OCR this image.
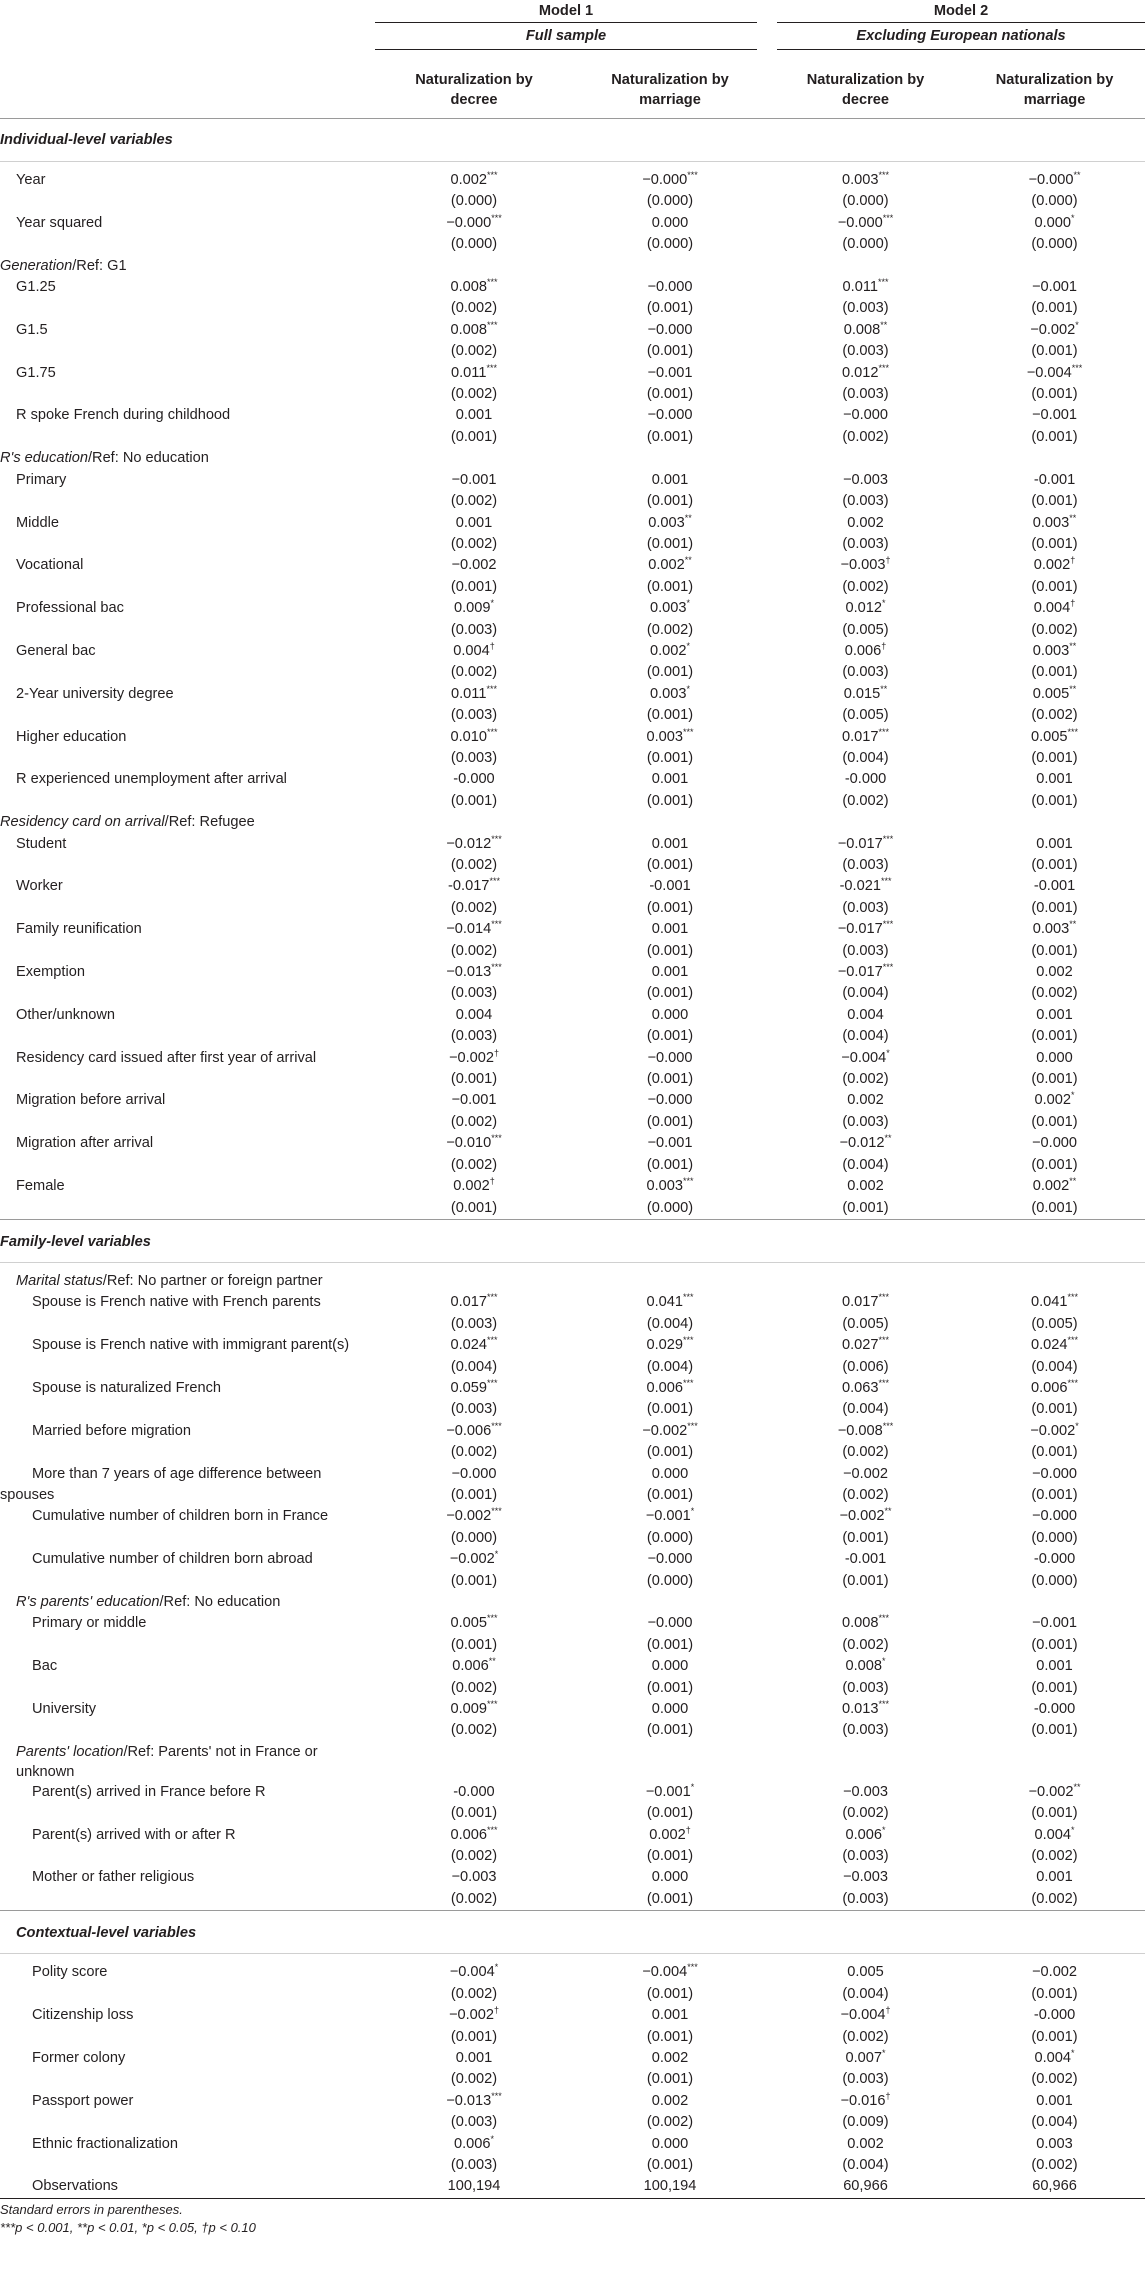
	Model 1		Model 2	
	Full sample		Excluding European nationals	

	Naturalization by	Naturalization by	Naturalization by	Naturalization by
	decree	marriage	decree	marriage

Individual-level variables				

Year	0.002***	−0.000***	0.003***	−0.000**
	(0.000)	(0.000)	(0.000)	(0.000)
Year squared	−0.000***	0.000	−0.000***	0.000*
	(0.000)	(0.000)	(0.000)	(0.000)
Generation/Ref: G1				
G1.25	0.008***	−0.000	0.011***	−0.001
	(0.002)	(0.001)	(0.003)	(0.001)
G1.5	0.008***	−0.000	0.008**	−0.002*
	(0.002)	(0.001)	(0.003)	(0.001)
G1.75	0.011***	−0.001	0.012***	−0.004***
	(0.002)	(0.001)	(0.003)	(0.001)
R spoke French during childhood	0.001	−0.000	−0.000	−0.001
	(0.001)	(0.001)	(0.002)	(0.001)
R's education/Ref: No education				
Primary	−0.001	0.001	−0.003	-0.001
	(0.002)	(0.001)	(0.003)	(0.001)
Middle	0.001	0.003**	0.002	0.003**
	(0.002)	(0.001)	(0.003)	(0.001)
Vocational	−0.002	0.002**	−0.003†	0.002†
	(0.001)	(0.001)	(0.002)	(0.001)
Professional bac	0.009*	0.003*	0.012*	0.004†
	(0.003)	(0.002)	(0.005)	(0.002)
General bac	0.004†	0.002*	0.006†	0.003**
	(0.002)	(0.001)	(0.003)	(0.001)
2-Year university degree	0.011***	0.003*	0.015**	0.005**
	(0.003)	(0.001)	(0.005)	(0.002)
Higher education	0.010***	0.003***	0.017***	0.005***
	(0.003)	(0.001)	(0.004)	(0.001)
R experienced unemployment after arrival	-0.000	0.001	-0.000	0.001
	(0.001)	(0.001)	(0.002)	(0.001)
Residency card on arrival/Ref: Refugee				
Student	−0.012***	0.001	−0.017***	0.001
	(0.002)	(0.001)	(0.003)	(0.001)
Worker	-0.017***	-0.001	-0.021***	-0.001
	(0.002)	(0.001)	(0.003)	(0.001)
Family reunification	−0.014***	0.001	−0.017***	0.003**
	(0.002)	(0.001)	(0.003)	(0.001)
Exemption	−0.013***	0.001	−0.017***	0.002
	(0.003)	(0.001)	(0.004)	(0.002)
Other/unknown	0.004	0.000	0.004	0.001
	(0.003)	(0.001)	(0.004)	(0.001)
Residency card issued after first year of arrival	−0.002†	−0.000	−0.004*	0.000
	(0.001)	(0.001)	(0.002)	(0.001)
Migration before arrival	−0.001	−0.000	0.002	0.002*
	(0.002)	(0.001)	(0.003)	(0.001)
Migration after arrival	−0.010***	−0.001	−0.012**	−0.000
	(0.002)	(0.001)	(0.004)	(0.001)
Female	0.002†	0.003***	0.002	0.002**
	(0.001)	(0.000)	(0.001)	(0.001)

Family-level variables				

Marital status/Ref: No partner or foreign partner				
Spouse is French native with French parents	0.017***	0.041***	0.017***	0.041***
	(0.003)	(0.004)	(0.005)	(0.005)
Spouse is French native with immigrant parent(s)	0.024***	0.029***	0.027***	0.024***
	(0.004)	(0.004)	(0.006)	(0.004)
Spouse is naturalized French	0.059***	0.006***	0.063***	0.006***
	(0.003)	(0.001)	(0.004)	(0.001)
Married before migration	−0.006***	−0.002***	−0.008***	−0.002*
	(0.002)	(0.001)	(0.002)	(0.001)
More than 7 years of age difference between	−0.000	0.000	−0.002	−0.000
spouses	(0.001)	(0.001)	(0.002)	(0.001)
Cumulative number of children born in France	−0.002***	−0.001*	−0.002**	−0.000
	(0.000)	(0.000)	(0.001)	(0.000)
Cumulative number of children born abroad	−0.002*	−0.000	-0.001	-0.000
	(0.001)	(0.000)	(0.001)	(0.000)
R's parents' education/Ref: No education				
Primary or middle	0.005***	−0.000	0.008***	−0.001
	(0.001)	(0.001)	(0.002)	(0.001)
Bac	0.006**	0.000	0.008*	0.001
	(0.002)	(0.001)	(0.003)	(0.001)
University	0.009***	0.000	0.013***	-0.000
	(0.002)	(0.001)	(0.003)	(0.001)
Parents' location/Ref: Parents' not in France or unknown				
Parent(s) arrived in France before R	-0.000	−0.001*	−0.003	−0.002**
	(0.001)	(0.001)	(0.002)	(0.001)
Parent(s) arrived with or after R	0.006***	0.002†	0.006*	0.004*
	(0.002)	(0.001)	(0.003)	(0.002)
Mother or father religious	−0.003	0.000	−0.003	0.001
	(0.002)	(0.001)	(0.003)	(0.002)

Contextual-level variables				

Polity score	−0.004*	−0.004***	0.005	−0.002
	(0.002)	(0.001)	(0.004)	(0.001)
Citizenship loss	−0.002†	0.001	−0.004†	-0.000
	(0.001)	(0.001)	(0.002)	(0.001)
Former colony	0.001	0.002	0.007*	0.004*
	(0.002)	(0.001)	(0.003)	(0.002)
Passport power	−0.013***	0.002	−0.016†	0.001
	(0.003)	(0.002)	(0.009)	(0.004)
Ethnic fractionalization	0.006*	0.000	0.002	0.003
	(0.003)	(0.001)	(0.004)	(0.002)
Observations	100,194	100,194	60,966	60,966
Standard errors in parentheses.
***p < 0.001, **p < 0.01, *p < 0.05, †p < 0.10
